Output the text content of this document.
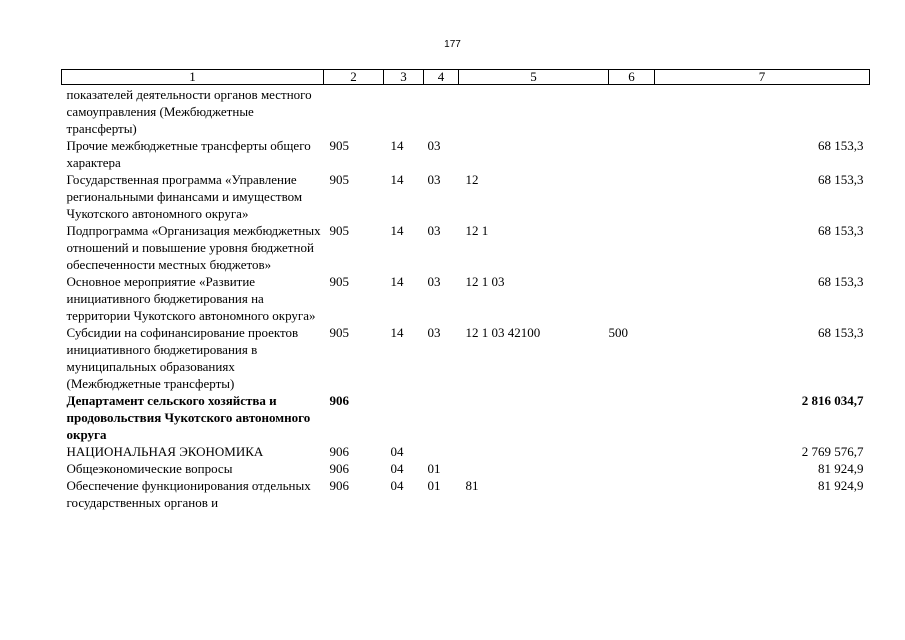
177
1	2	3	4	5	6	7
показателей деятельности органов местного самоуправления (Межбюджетные трансферты)						
Прочие межбюджетные трансферты общего характера	905	14	03			68 153,3
Государственная программа «Управление региональными финансами и имуществом Чукотского автономного округа»	905	14	03	12		68 153,3
Подпрограмма «Организация межбюджетных отношений и повышение уровня бюджетной обеспеченности местных бюджетов»	905	14	03	12 1		68 153,3
Основное мероприятие «Развитие инициативного бюджетирования на территории Чукотского автономного округа»	905	14	03	12 1 03		68 153,3
Субсидии на софинансирование проектов инициативного бюджетирования в муниципальных образованиях (Межбюджетные трансферты)	905	14	03	12 1 03 42100	500	68 153,3
Департамент сельского хозяйства и продовольствия Чукотского автономного округа	906					2 816 034,7
НАЦИОНАЛЬНАЯ ЭКОНОМИКА	906	04				2 769 576,7
Общеэкономические вопросы	906	04	01			81 924,9
Обеспечение функционирования отдельных государственных органов и	906	04	01	81		81 924,9
